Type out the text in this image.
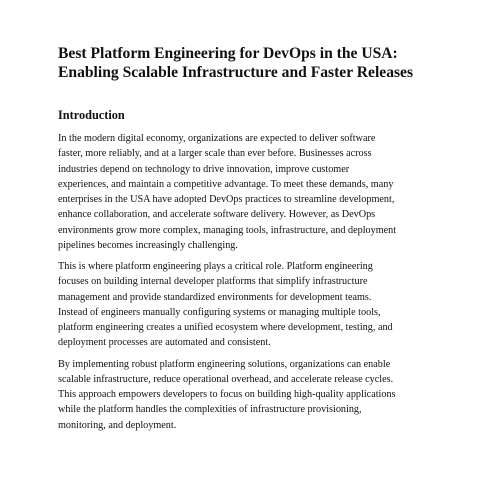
Best Platform Engineering for DevOps in the USA:
Enabling Scalable Infrastructure and Faster Releases
Introduction

In the modern digital economy, organizations are expected to deliver software
faster, more reliably, and at a larger scale than ever before. Businesses across
industries depend on technology to drive innovation, improve customer
experiences, and maintain a competitive advantage. To meet these demands, many
enterprises in the USA have adopted DevOps practices to streamline development,
enhance collaboration, and accelerate software delivery. However, as DevOps
environments grow more complex, managing tools, infrastructure, and deployment
pipelines becomes increasingly challenging.

This is where platform engineering plays a critical role. Platform engineering
focuses on building internal developer platforms that simplify infrastructure
management and provide standardized environments for development teams.
Instead of engineers manually configuring systems or managing multiple tools,
platform engineering creates a unified ecosystem where development, testing, and
deployment processes are automated and consistent.

By implementing robust platform engineering solutions, organizations can enable
scalable infrastructure, reduce operational overhead, and accelerate release cycles.
This approach empowers developers to focus on building high-quality applications
while the platform handles the complexities of infrastructure provisioning,
monitoring, and deployment.
